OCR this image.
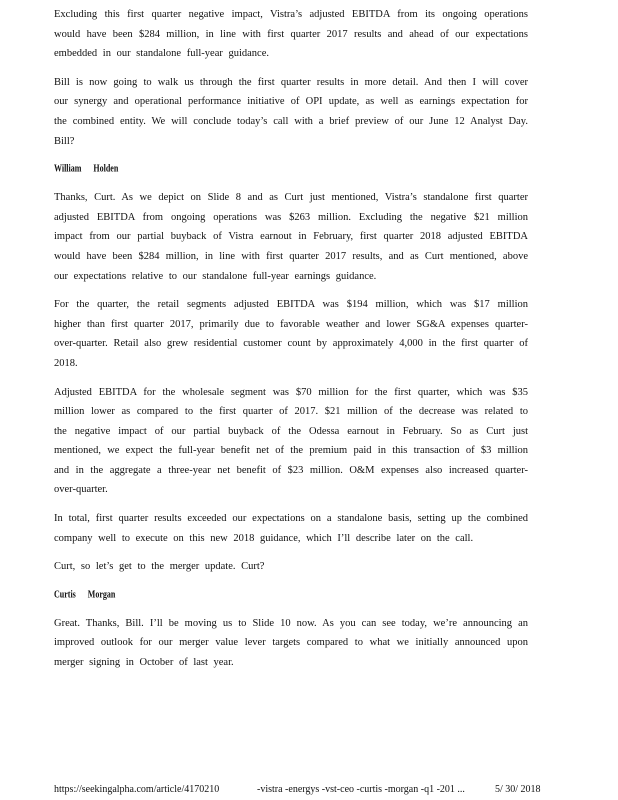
Excluding this first quarter negative impact, Vistra’s adjusted EBITDA from its ongoing operations would have been $284 million, in line with first quarter 2017 results and ahead of our expectations embedded in our standalone full-year guidance.

Bill is now going to walk us through the first quarter results in more detail. And then I will cover our synergy and operational performance initiative of OPI update, as well as earnings expectation for the combined entity. We will conclude today’s call with a brief preview of our June 12 Analyst Day. Bill?

William Holden

Thanks, Curt. As we depict on Slide 8 and as Curt just mentioned, Vistra’s standalone first quarter adjusted EBITDA from ongoing operations was $263 million. Excluding the negative $21 million impact from our partial buyback of Vistra earnout in February, first quarter 2018 adjusted EBITDA would have been $284 million, in line with first quarter 2017 results, and as Curt mentioned, above our expectations relative to our standalone full-year earnings guidance.

For the quarter, the retail segments adjusted EBITDA was $194 million, which was $17 million higher than first quarter 2017, primarily due to favorable weather and lower SG&A expenses quarter-over-quarter. Retail also grew residential customer count by approximately 4,000 in the first quarter of 2018.

Adjusted EBITDA for the wholesale segment was $70 million for the first quarter, which was $35 million lower as compared to the first quarter of 2017. $21 million of the decrease was related to the negative impact of our partial buyback of the Odessa earnout in February. So as Curt just mentioned, we expect the full-year benefit net of the premium paid in this transaction of $3 million and in the aggregate a three-year net benefit of $23 million. O&M expenses also increased quarter-over-quarter.

In total, first quarter results exceeded our expectations on a standalone basis, setting up the combined company well to execute on this new 2018 guidance, which I’ll describe later on the call.

Curt, so let’s get to the merger update. Curt?

Curtis Morgan

Great. Thanks, Bill. I’ll be moving us to Slide 10 now. As you can see today, we’re announcing an improved outlook for our merger value lever targets compared to what we initially announced upon merger signing in October of last year.

https://seekingalpha.com/article/4170210	-vistra -energys -vst-ceo -curtis -morgan -q1 -201 ...	5/ 30/ 2018
